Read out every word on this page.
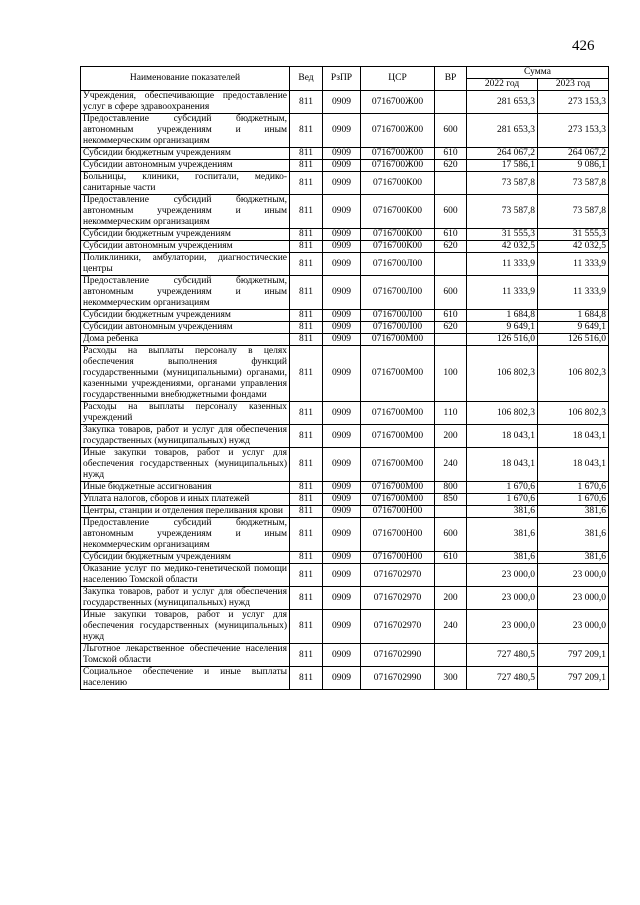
426
Наименование показателей	Вед	РзПР	ЦСР	ВР	Сумма	
					2022 год	2023 год
Учреждения, обеспечивающие предоставление услуг в сфере здравоохранения	811	0909	0716700Ж00		281 653,3	273 153,3
Предоставление субсидий бюджетным, автономным учреждениям и иным некоммерческим организациям	811	0909	0716700Ж00	600	281 653,3	273 153,3
Субсидии бюджетным учреждениям	811	0909	0716700Ж00	610	264 067,2	264 067,2
Субсидии автономным учреждениям	811	0909	0716700Ж00	620	17 586,1	9 086,1
Больницы, клиники, госпитали, медико-санитарные части	811	0909	0716700К00		73 587,8	73 587,8
Предоставление субсидий бюджетным, автономным учреждениям и иным некоммерческим организациям	811	0909	0716700К00	600	73 587,8	73 587,8
Субсидии бюджетным учреждениям	811	0909	0716700К00	610	31 555,3	31 555,3
Субсидии автономным учреждениям	811	0909	0716700К00	620	42 032,5	42 032,5
Поликлиники, амбулатории, диагностические центры	811	0909	0716700Л00		11 333,9	11 333,9
Предоставление субсидий бюджетным, автономным учреждениям и иным некоммерческим организациям	811	0909	0716700Л00	600	11 333,9	11 333,9
Субсидии бюджетным учреждениям	811	0909	0716700Л00	610	1 684,8	1 684,8
Субсидии автономным учреждениям	811	0909	0716700Л00	620	9 649,1	9 649,1
Дома ребенка	811	0909	0716700М00		126 516,0	126 516,0
Расходы на выплаты персоналу в целях обеспечения выполнения функций государственными (муниципальными) органами, казенными учреждениями, органами управления государственными внебюджетными фондами	811	0909	0716700М00	100	106 802,3	106 802,3
Расходы на выплаты персоналу казенных учреждений	811	0909	0716700М00	110	106 802,3	106 802,3
Закупка товаров, работ и услуг для обеспечения государственных (муниципальных) нужд	811	0909	0716700М00	200	18 043,1	18 043,1
Иные закупки товаров, работ и услуг для обеспечения государственных (муниципальных) нужд	811	0909	0716700М00	240	18 043,1	18 043,1
Иные бюджетные ассигнования	811	0909	0716700М00	800	1 670,6	1 670,6
Уплата налогов, сборов и иных платежей	811	0909	0716700М00	850	1 670,6	1 670,6
Центры, станции и отделения переливания крови	811	0909	0716700Н00		381,6	381,6
Предоставление субсидий бюджетным, автономным учреждениям и иным некоммерческим организациям	811	0909	0716700Н00	600	381,6	381,6
Субсидии бюджетным учреждениям	811	0909	0716700Н00	610	381,6	381,6
Оказание услуг по медико-генетической помощи населению Томской области	811	0909	0716702970		23 000,0	23 000,0
Закупка товаров, работ и услуг для обеспечения государственных (муниципальных) нужд	811	0909	0716702970	200	23 000,0	23 000,0
Иные закупки товаров, работ и услуг для обеспечения государственных (муниципальных) нужд	811	0909	0716702970	240	23 000,0	23 000,0
Льготное лекарственное обеспечение населения Томской области	811	0909	0716702990		727 480,5	797 209,1
Социальное обеспечение и иные выплаты населению	811	0909	0716702990	300	727 480,5	797 209,1
